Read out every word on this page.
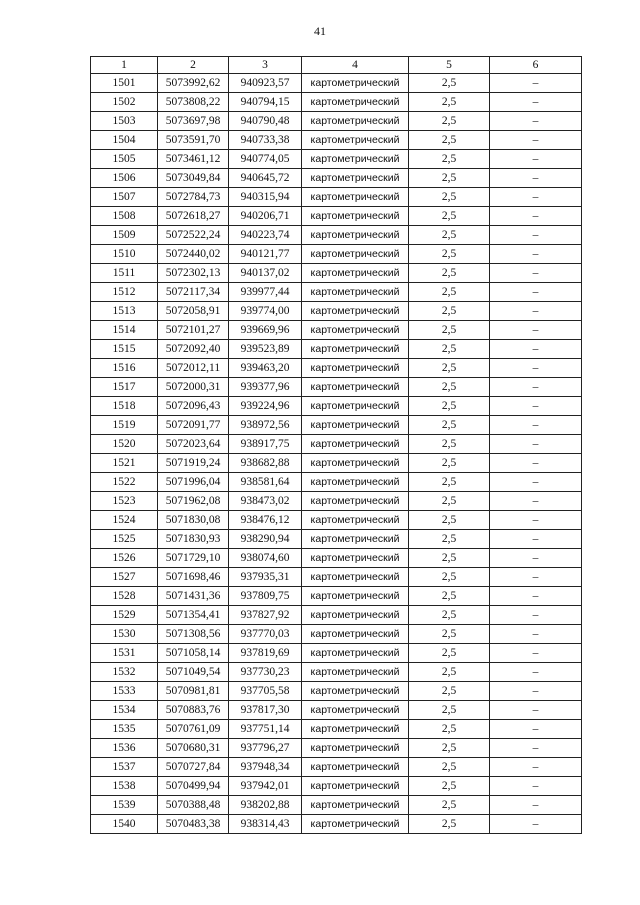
41
1	2	3	4	5	6
1501	5073992,62	940923,57	картометрический	2,5	–
1502	5073808,22	940794,15	картометрический	2,5	–
1503	5073697,98	940790,48	картометрический	2,5	–
1504	5073591,70	940733,38	картометрический	2,5	–
1505	5073461,12	940774,05	картометрический	2,5	–
1506	5073049,84	940645,72	картометрический	2,5	–
1507	5072784,73	940315,94	картометрический	2,5	–
1508	5072618,27	940206,71	картометрический	2,5	–
1509	5072522,24	940223,74	картометрический	2,5	–
1510	5072440,02	940121,77	картометрический	2,5	–
1511	5072302,13	940137,02	картометрический	2,5	–
1512	5072117,34	939977,44	картометрический	2,5	–
1513	5072058,91	939774,00	картометрический	2,5	–
1514	5072101,27	939669,96	картометрический	2,5	–
1515	5072092,40	939523,89	картометрический	2,5	–
1516	5072012,11	939463,20	картометрический	2,5	–
1517	5072000,31	939377,96	картометрический	2,5	–
1518	5072096,43	939224,96	картометрический	2,5	–
1519	5072091,77	938972,56	картометрический	2,5	–
1520	5072023,64	938917,75	картометрический	2,5	–
1521	5071919,24	938682,88	картометрический	2,5	–
1522	5071996,04	938581,64	картометрический	2,5	–
1523	5071962,08	938473,02	картометрический	2,5	–
1524	5071830,08	938476,12	картометрический	2,5	–
1525	5071830,93	938290,94	картометрический	2,5	–
1526	5071729,10	938074,60	картометрический	2,5	–
1527	5071698,46	937935,31	картометрический	2,5	–
1528	5071431,36	937809,75	картометрический	2,5	–
1529	5071354,41	937827,92	картометрический	2,5	–
1530	5071308,56	937770,03	картометрический	2,5	–
1531	5071058,14	937819,69	картометрический	2,5	–
1532	5071049,54	937730,23	картометрический	2,5	–
1533	5070981,81	937705,58	картометрический	2,5	–
1534	5070883,76	937817,30	картометрический	2,5	–
1535	5070761,09	937751,14	картометрический	2,5	–
1536	5070680,31	937796,27	картометрический	2,5	–
1537	5070727,84	937948,34	картометрический	2,5	–
1538	5070499,94	937942,01	картометрический	2,5	–
1539	5070388,48	938202,88	картометрический	2,5	–
1540	5070483,38	938314,43	картометрический	2,5	–
